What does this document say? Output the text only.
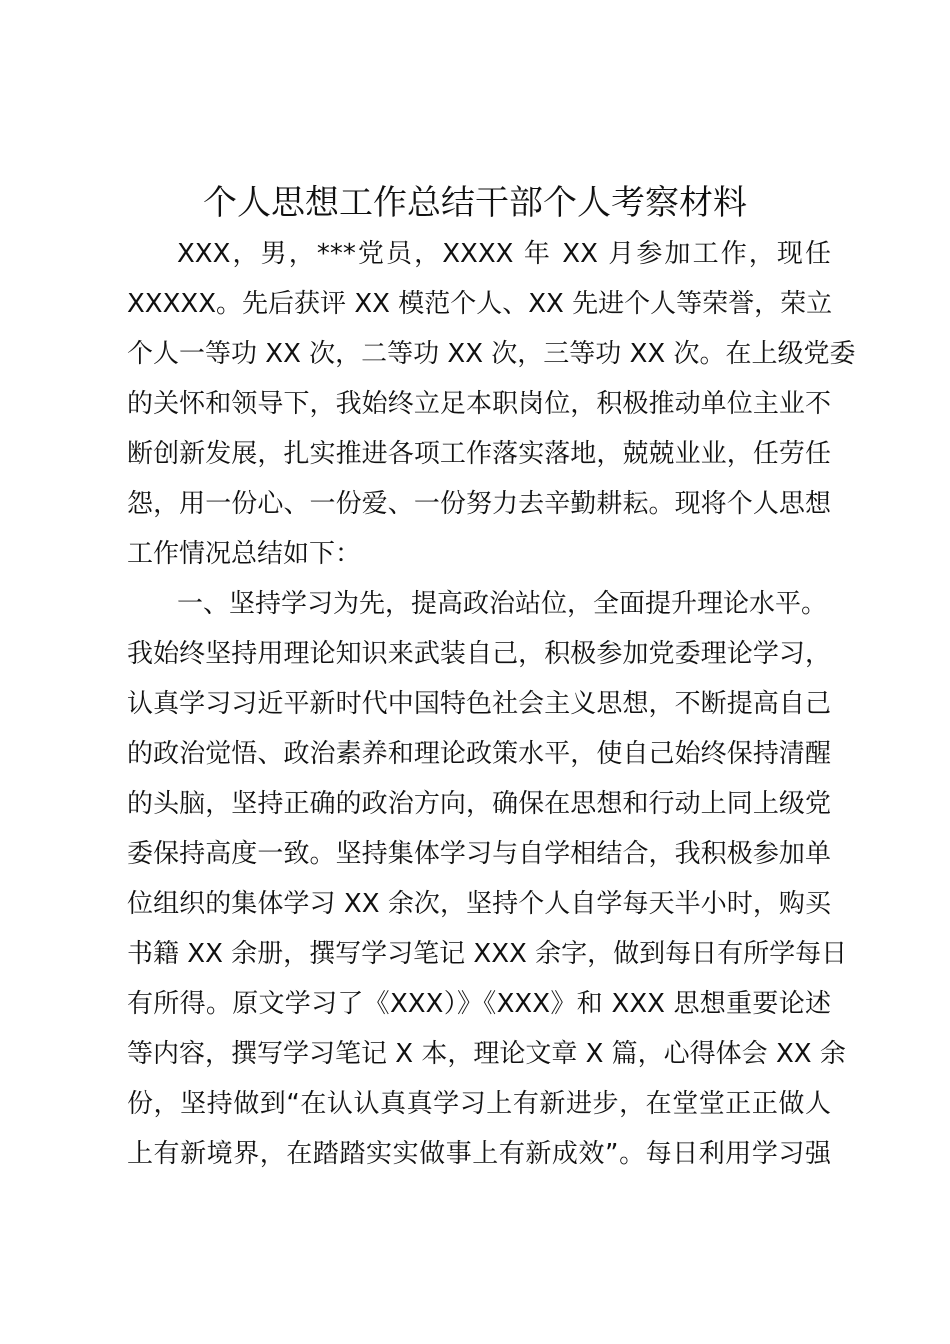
个人思想工作总结干部个人考察材料
XXX，男，***党员，XXXX 年 XX 月参加工作，现任
XXXXX。先后获评 XX 模范个人、XX 先进个人等荣誉，荣立
个人一等功 XX 次，二等功 XX 次，三等功 XX 次。在上级党委
的关怀和领导下，我始终立足本职岗位，积极推动单位主业不
断创新发展，扎实推进各项工作落实落地，兢兢业业，任劳任
怨，用一份心、一份爱、一份努力去辛勤耕耘。现将个人思想
工作情况总结如下：
一、坚持学习为先，提高政治站位，全面提升理论水平。
我始终坚持用理论知识来武装自己，积极参加党委理论学习，
认真学习习近平新时代中国特色社会主义思想，不断提高自己
的政治觉悟、政治素养和理论政策水平，使自己始终保持清醒
的头脑，坚持正确的政治方向，确保在思想和行动上同上级党
委保持高度一致。坚持集体学习与自学相结合，我积极参加单
位组织的集体学习 XX 余次，坚持个人自学每天半小时，购买
书籍 XX 余册，撰写学习笔记 XXX 余字，做到每日有所学每日
有所得。原文学习了《XXX）》《XXX》和 XXX 思想重要论述
等内容，撰写学习笔记 X 本，理论文章 X 篇，心得体会 XX 余
份，坚持做到“在认认真真学习上有新进步，在堂堂正正做人
上有新境界，在踏踏实实做事上有新成效”。每日利用学习强
